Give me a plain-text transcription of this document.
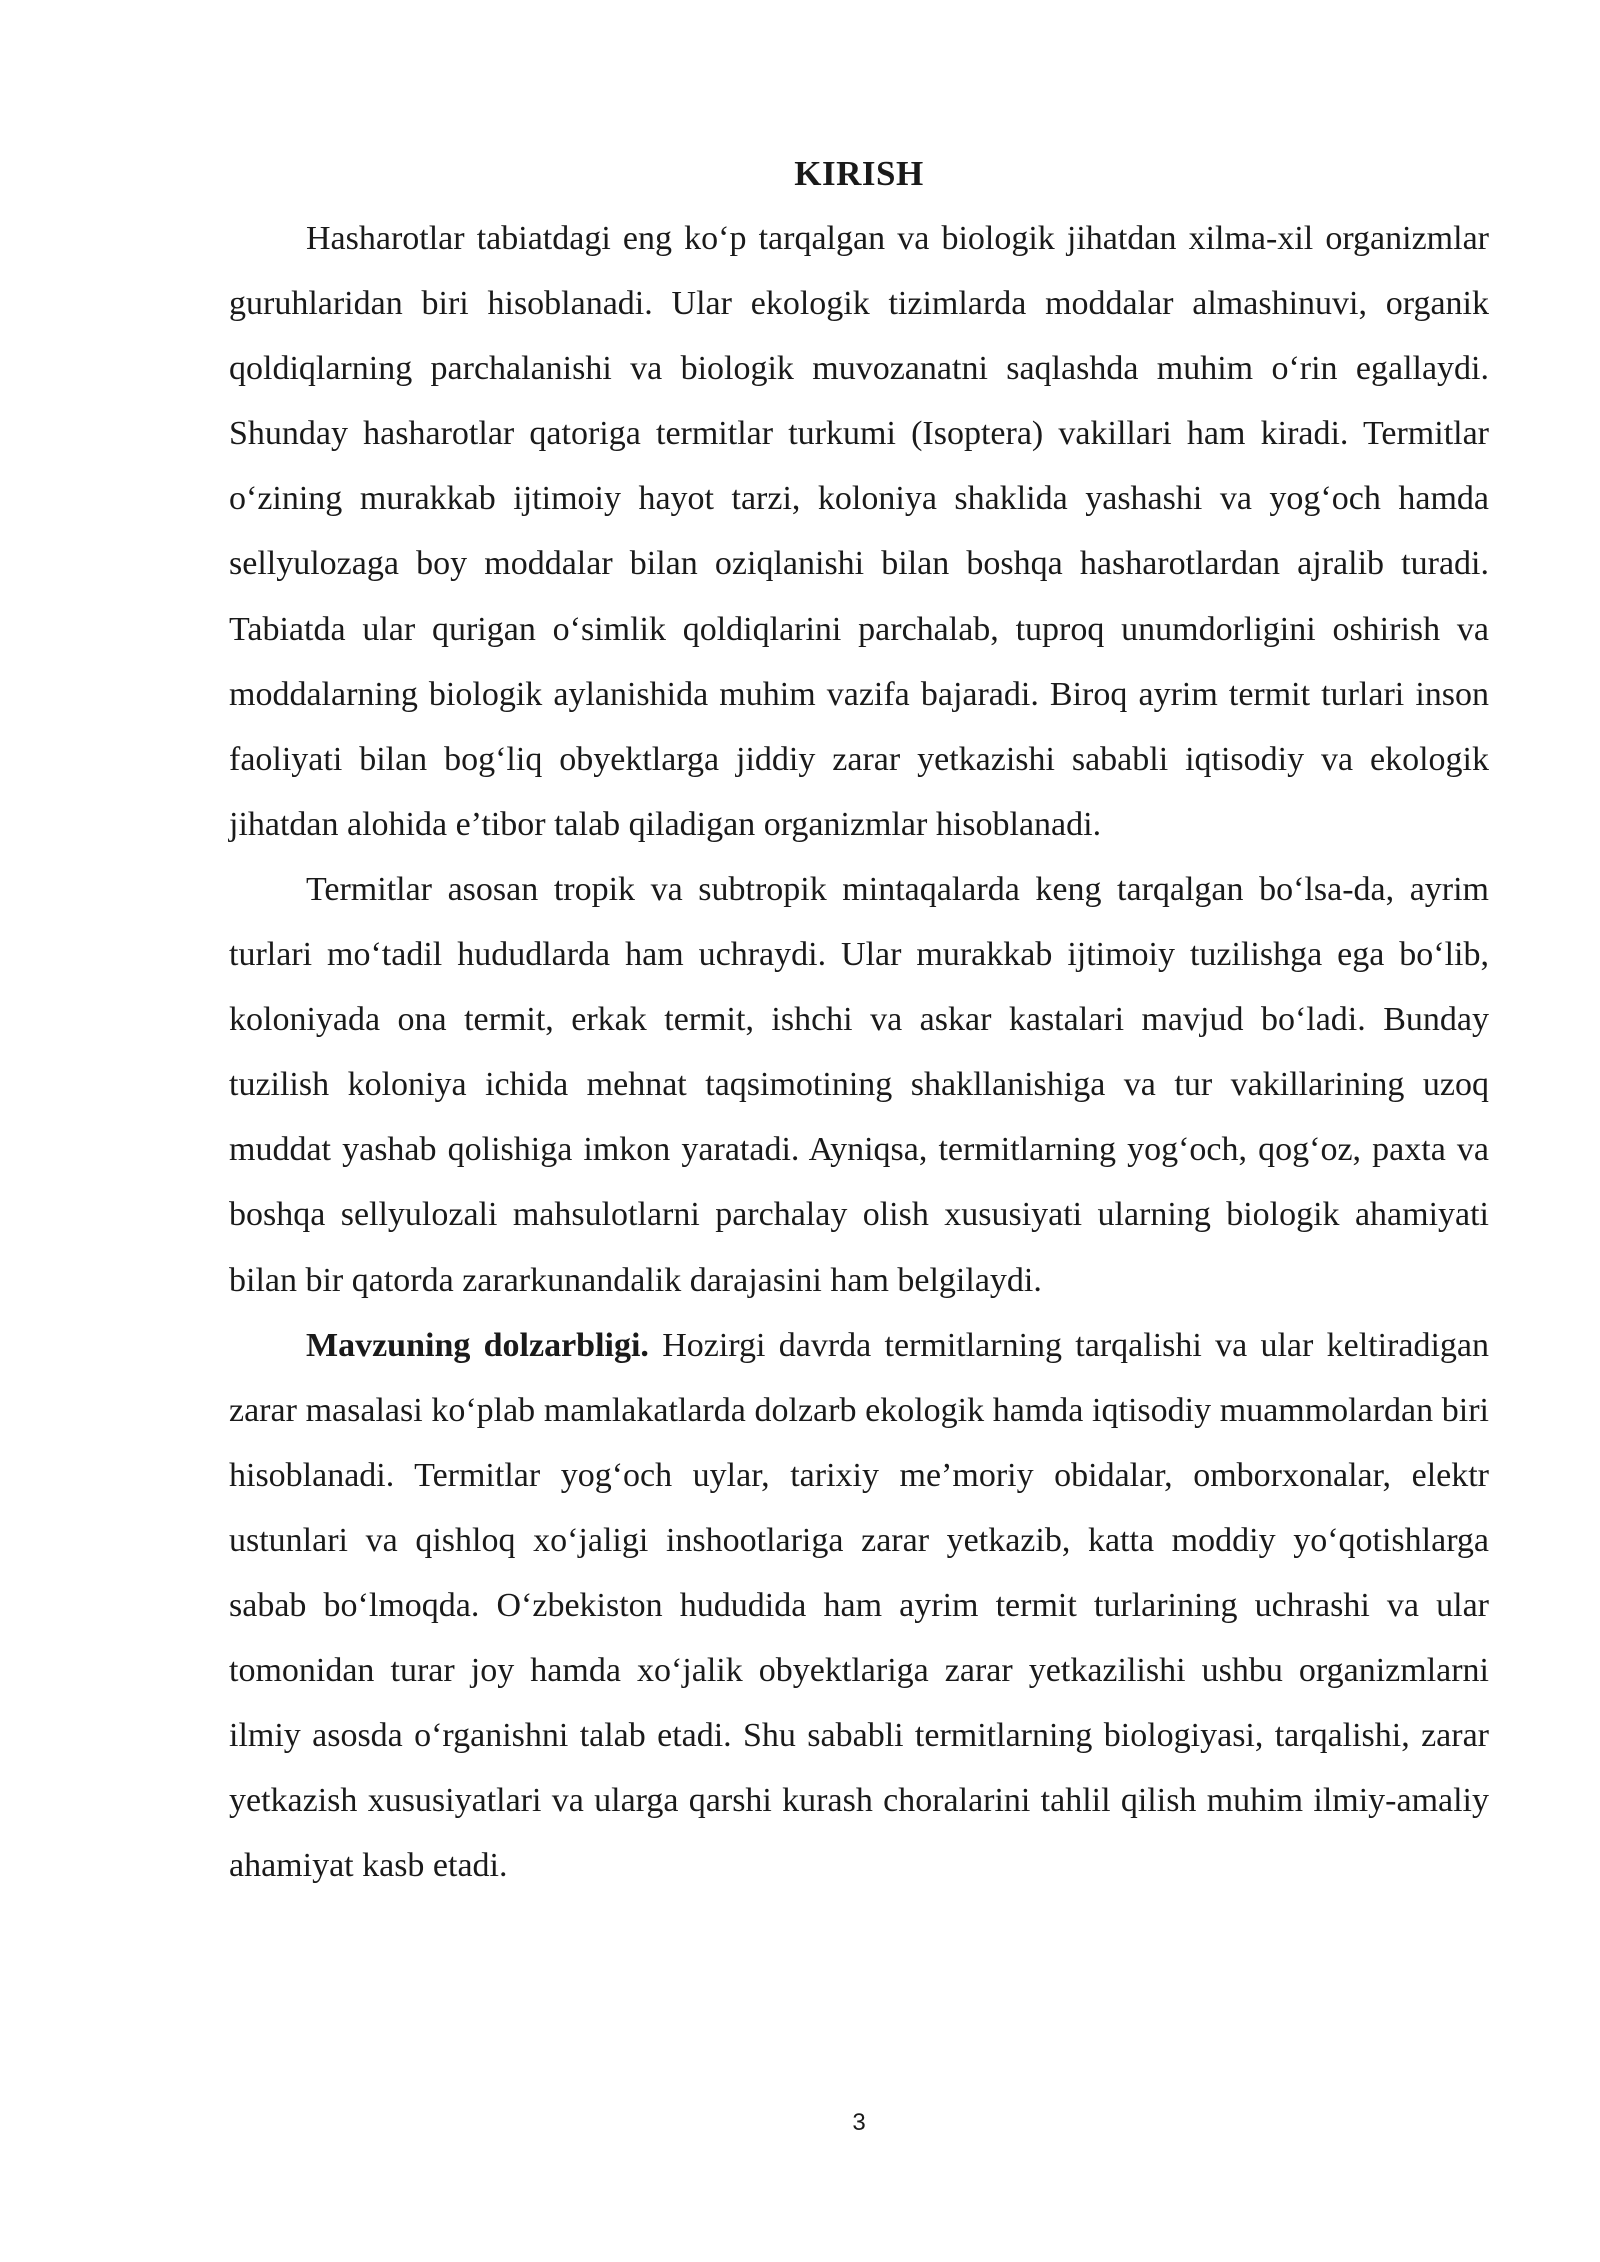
KIRISH

Hasharotlar tabiatdagi eng ko‘p tarqalgan va biologik jihatdan xilma-xil organizmlar guruhlaridan biri hisoblanadi. Ular ekologik tizimlarda moddalar almashinuvi, organik qoldiqlarning parchalanishi va biologik muvozanatni saqlashda muhim o‘rin egallaydi. Shunday hasharotlar qatoriga termitlar turkumi (Isoptera) vakillari ham kiradi. Termitlar o‘zining murakkab ijtimoiy hayot tarzi, koloniya shaklida yashashi va yog‘och hamda sellyulozaga boy moddalar bilan oziqlanishi bilan boshqa hasharotlardan ajralib turadi. Tabiatda ular qurigan o‘simlik qoldiqlarini parchalab, tuproq unumdorligini oshirish va moddalarning biologik aylanishida muhim vazifa bajaradi. Biroq ayrim termit turlari inson faoliyati bilan bog‘liq obyektlarga jiddiy zarar yetkazishi sababli iqtisodiy va ekologik jihatdan alohida e’tibor talab qiladigan organizmlar hisoblanadi.

Termitlar asosan tropik va subtropik mintaqalarda keng tarqalgan bo‘lsa-da, ayrim turlari mo‘tadil hududlarda ham uchraydi. Ular murakkab ijtimoiy tuzilishga ega bo‘lib, koloniyada ona termit, erkak termit, ishchi va askar kastalari mavjud bo‘ladi. Bunday tuzilish koloniya ichida mehnat taqsimotining shakllanishiga va tur vakillarining uzoq muddat yashab qolishiga imkon yaratadi. Ayniqsa, termitlarning yog‘och, qog‘oz, paxta va boshqa sellyulozali mahsulotlarni parchalay olish xususiyati ularning biologik ahamiyati bilan bir qatorda zararkunandalik darajasini ham belgilaydi.

Mavzuning dolzarbligi. Hozirgi davrda termitlarning tarqalishi va ular keltiradigan zarar masalasi ko‘plab mamlakatlarda dolzarb ekologik hamda iqtisodiy muammolardan biri hisoblanadi. Termitlar yog‘och uylar, tarixiy me’moriy obidalar, omborxonalar, elektr ustunlari va qishloq xo‘jaligi inshootlariga zarar yetkazib, katta moddiy yo‘qotishlarga sabab bo‘lmoqda. O‘zbekiston hududida ham ayrim termit turlarining uchrashi va ular tomonidan turar joy hamda xo‘jalik obyektlariga zarar yetkazilishi ushbu organizmlarni ilmiy asosda o‘rganishni talab etadi. Shu sababli termitlarning biologiyasi, tarqalishi, zarar yetkazish xususiyatlari va ularga qarshi kurash choralarini tahlil qilish muhim ilmiy-amaliy ahamiyat kasb etadi.

3
